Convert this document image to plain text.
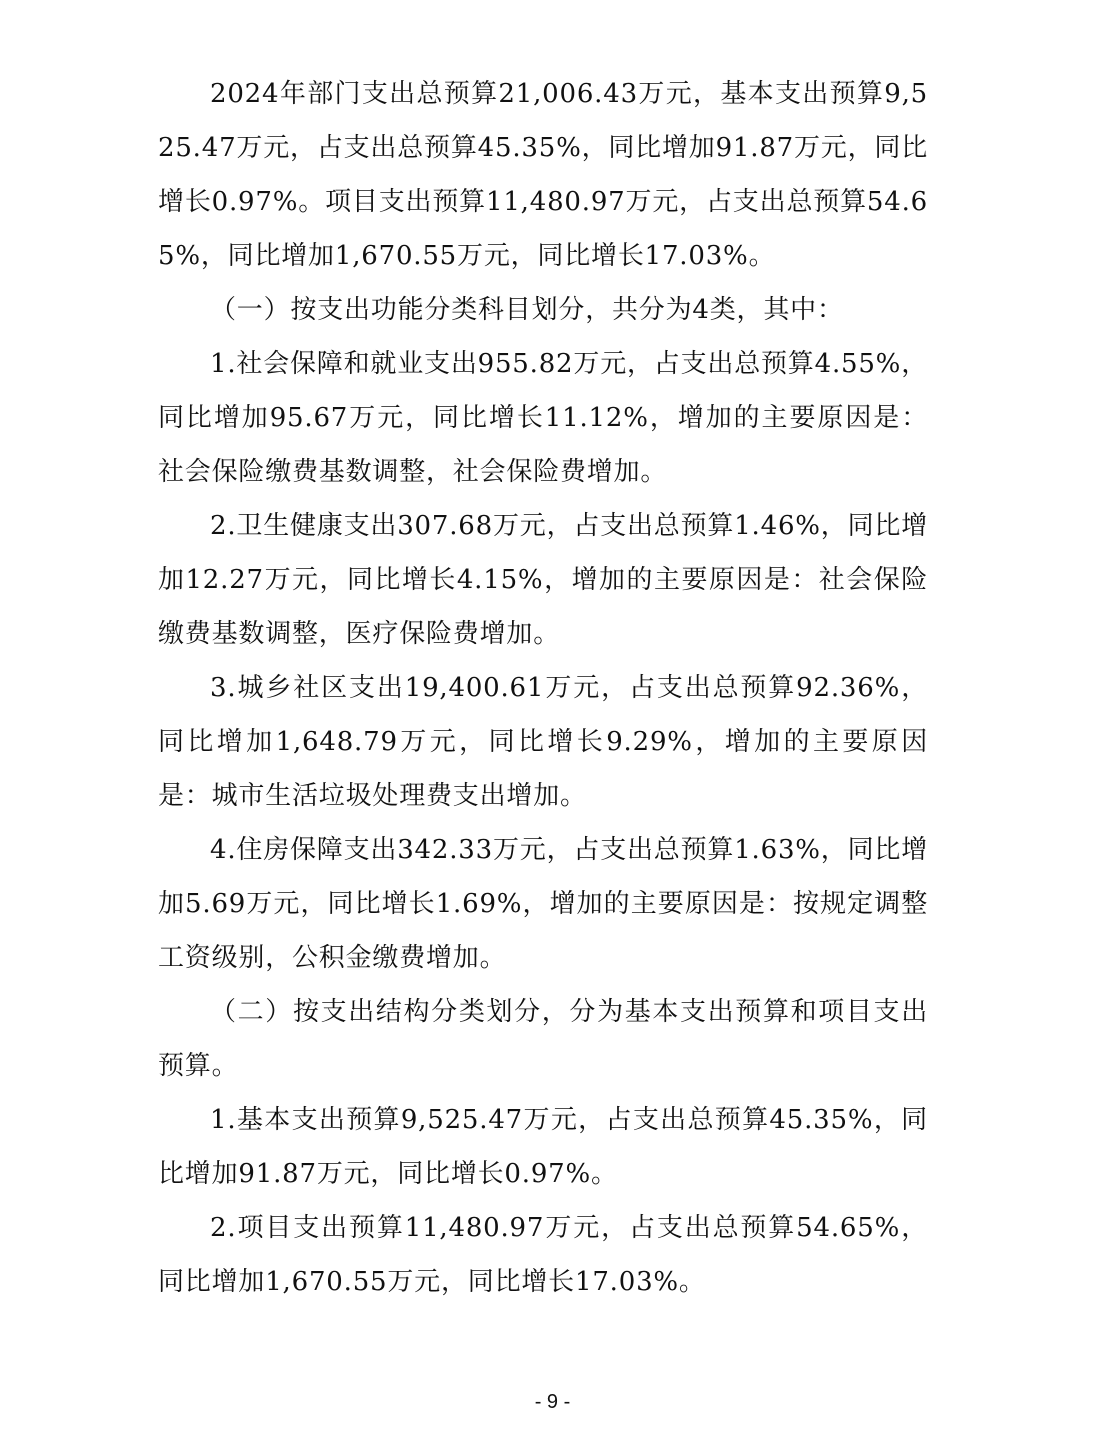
2024年部门支出总预算21,006.43万元，基本支出预算9,525.47万元，占支出总预算45.35%，同比增加91.87万元，同比增长0.97%。项目支出预算11,480.97万元，占支出总预算54.65%，同比增加1,670.55万元，同比增长17.03%。

（一）按支出功能分类科目划分，共分为4类，其中：

1.社会保障和就业支出955.82万元，占支出总预算4.55%，同比增加95.67万元，同比增长11.12%，增加的主要原因是：社会保险缴费基数调整，社会保险费增加。

2.卫生健康支出307.68万元，占支出总预算1.46%，同比增加12.27万元，同比增长4.15%，增加的主要原因是：社会保险缴费基数调整，医疗保险费增加。

3.城乡社区支出19,400.61万元，占支出总预算92.36%，同比增加1,648.79万元，同比增长9.29%，增加的主要原因是：城市生活垃圾处理费支出增加。

4.住房保障支出342.33万元，占支出总预算1.63%，同比增加5.69万元，同比增长1.69%，增加的主要原因是：按规定调整工资级别，公积金缴费增加。

（二）按支出结构分类划分，分为基本支出预算和项目支出预算。

1.基本支出预算9,525.47万元，占支出总预算45.35%，同比增加91.87万元，同比增长0.97%。

2.项目支出预算11,480.97万元，占支出总预算54.65%，同比增加1,670.55万元，同比增长17.03%。

- 9 -
